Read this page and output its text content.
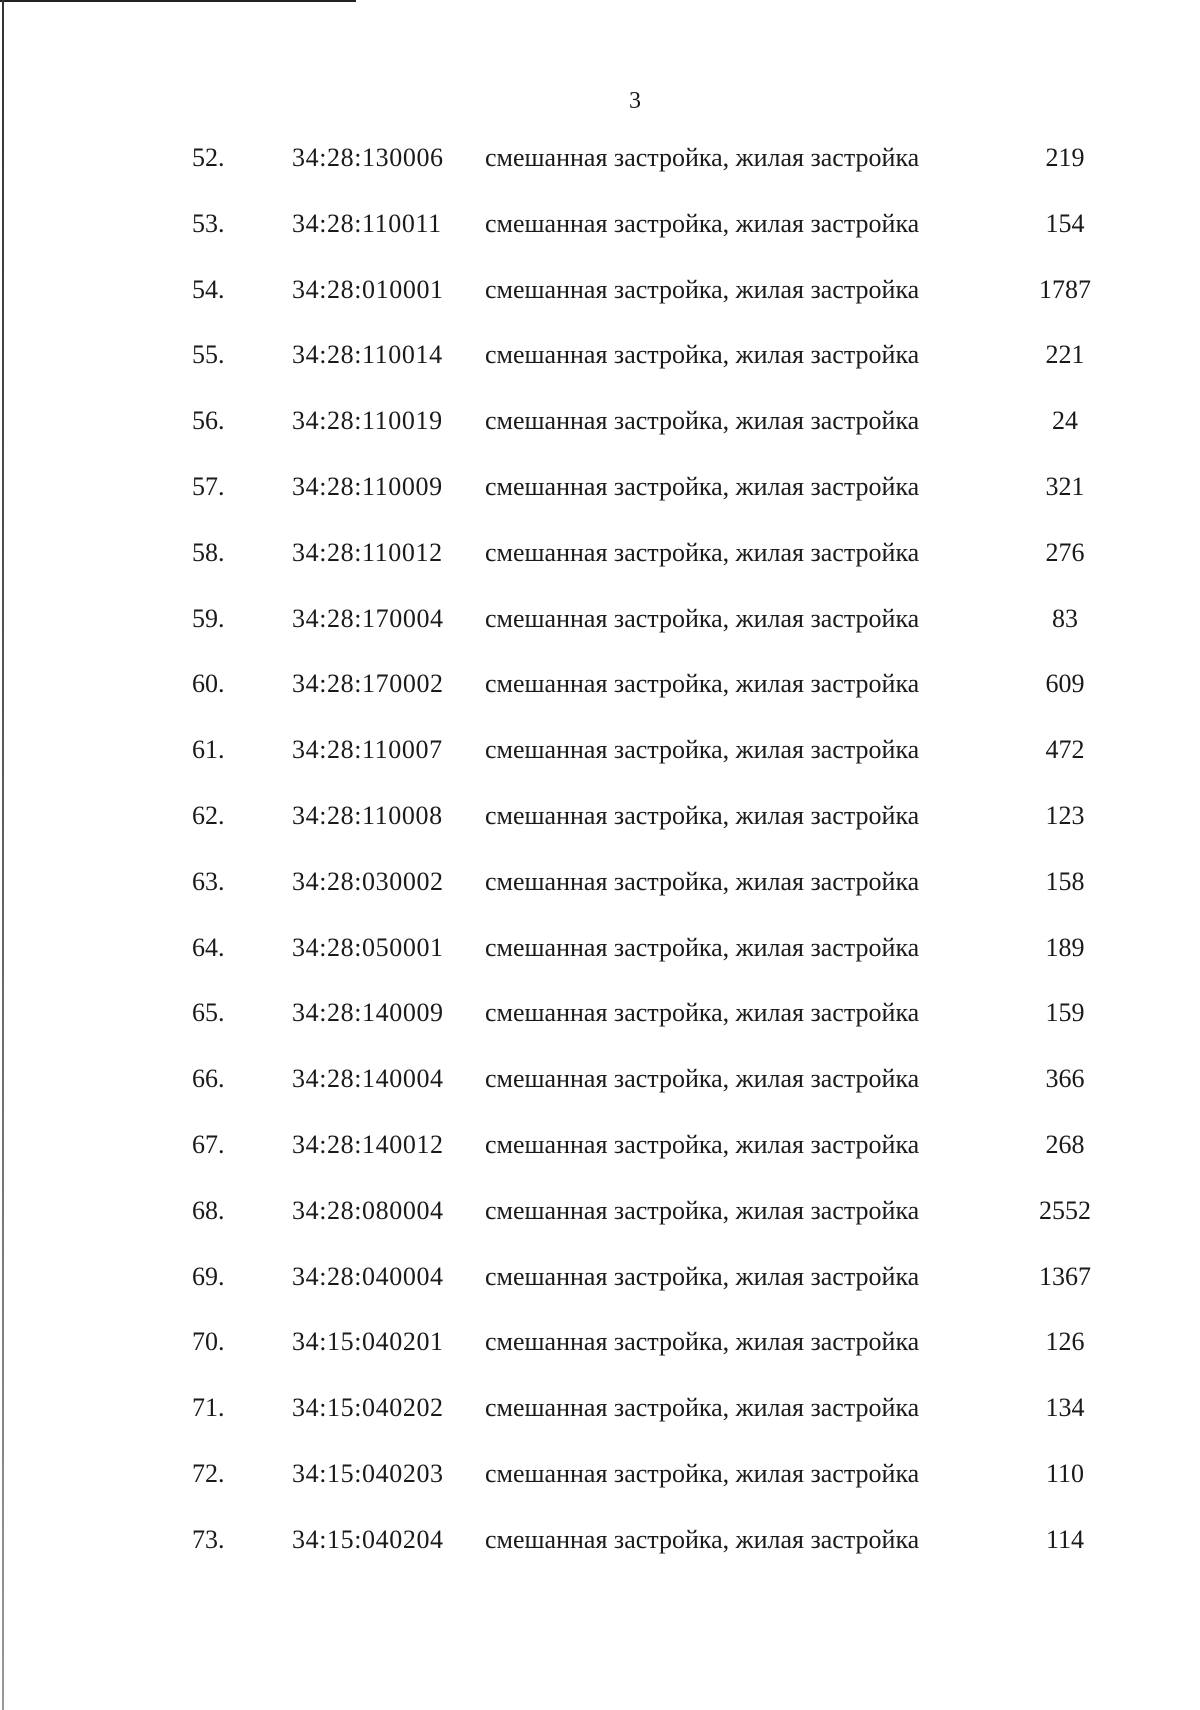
3
52.	34:28:130006 смешанная застройка, жилая застройка	219
53.	34:28:110011 смешанная застройка, жилая застройка	154
54.	34:28:010001 смешанная застройка, жилая застройка	1787
55.	34:28:110014 смешанная застройка, жилая застройка	221
56.	34:28:110019 смешанная застройка, жилая застройка	24
57.	34:28:110009 смешанная застройка, жилая застройка	321
58.	34:28:110012 смешанная застройка, жилая застройка	276
59.	34:28:170004 смешанная застройка, жилая застройка	83
60.	34:28:170002 смешанная застройка, жилая застройка	609
61.	34:28:110007 смешанная застройка, жилая застройка	472
62.	34:28:110008 смешанная застройка, жилая застройка	123
63.	34:28:030002 смешанная застройка, жилая застройка	158
64.	34:28:050001 смешанная застройка, жилая застройка	189
65.	34:28:140009 смешанная застройка, жилая застройка	159
66.	34:28:140004 смешанная застройка, жилая застройка	366
67.	34:28:140012 смешанная застройка, жилая застройка	268
68.	34:28:080004 смешанная застройка, жилая застройка	2552
69.	34:28:040004 смешанная застройка, жилая застройка	1367
70.	34:15:040201 смешанная застройка, жилая застройка	126
71.	34:15:040202 смешанная застройка, жилая застройка	134
72.	34:15:040203 смешанная застройка, жилая застройка	110
73.	34:15:040204 смешанная застройка, жилая застройка	114
